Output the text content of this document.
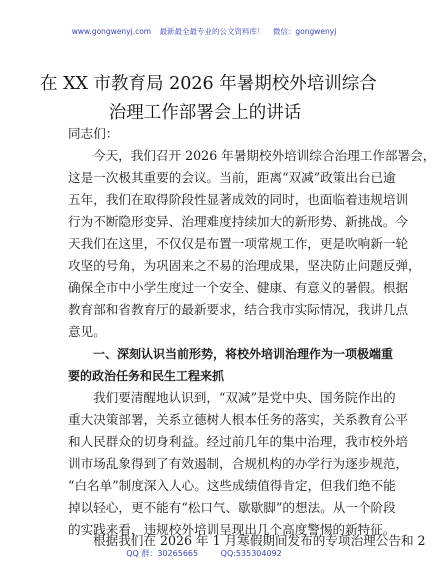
www.gongwenyj.com 最新最全最专业的公文资料库！ 微信：gongwenyj
在 XX 市教育局 2026 年暑期校外培训综合
治理工作部署会上的讲话
同志们：
今天，我们召开 2026 年暑期校外培训综合治理工作部署会，
这是一次极其重要的会议。当前，距离“双减”政策出台已逾
五年，我们在取得阶段性显著成效的同时，也面临着违规培训
行为不断隐形变异、治理难度持续加大的新形势、新挑战。今
天我们在这里，不仅仅是布置一项常规工作，更是吹响新一轮
攻坚的号角，为巩固来之不易的治理成果，坚决防止问题反弹，
确保全市中小学生度过一个安全、健康、有意义的暑假。根据
教育部和省教育厅的最新要求，结合我市实际情况，我讲几点
意见。
一、深刻认识当前形势，将校外培训治理作为一项极端重
要的政治任务和民生工程来抓
我们要清醒地认识到，“双减”是党中央、国务院作出的
重大决策部署，关系立德树人根本任务的落实，关系教育公平
和人民群众的切身利益。经过前几年的集中治理，我市校外培
训市场乱象得到了有效遏制，合规机构的办学行为逐步规范，
“白名单”制度深入人心。这些成绩值得肯定，但我们绝不能
掉以轻心，更不能有“松口气、歇歇脚”的想法。从一个阶段
的实践来看，违规校外培训呈现出几个高度警惕的新特征。
根据我们在 2026 年 1 月寒假期间发布的专项治理公告和 2
QQ 群：30265665	QQ:535304092
